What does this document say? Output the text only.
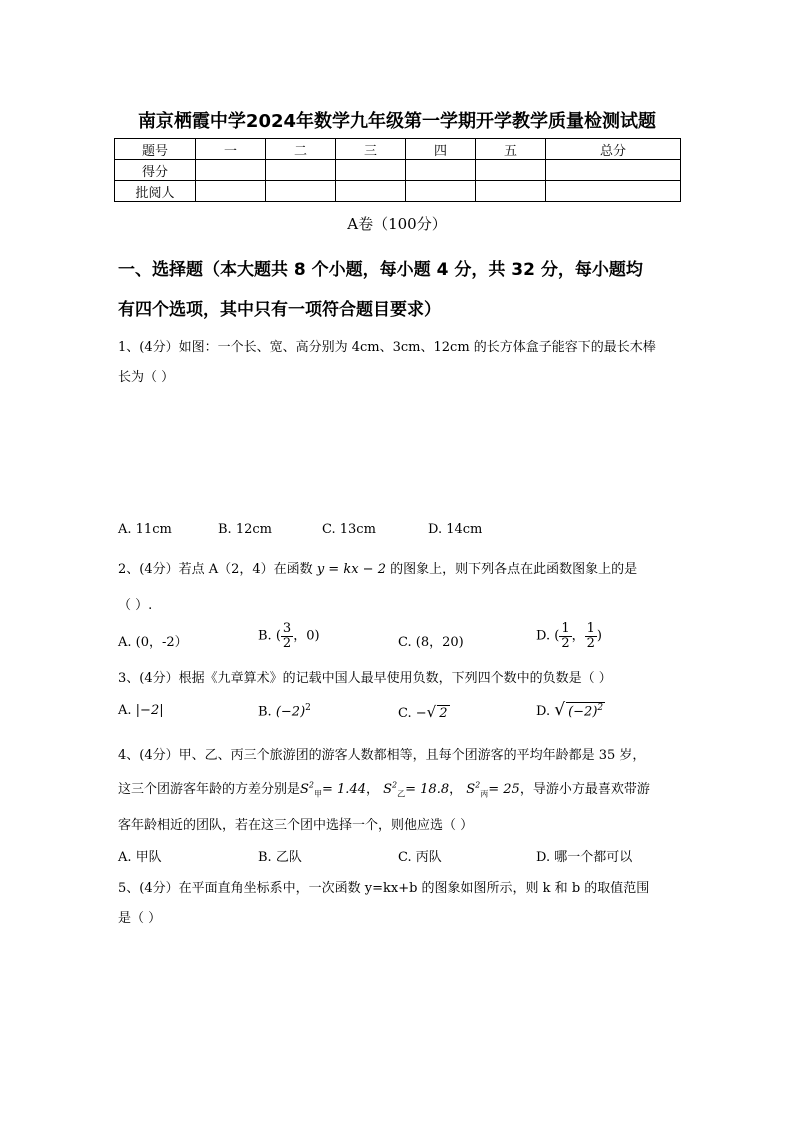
南京栖霞中学2024年数学九年级第一学期开学教学质量检测试题
题号	一	二	三	四	五	总分
得分						
批阅人						
A卷（100分）
一、选择题（本大题共 8 个小题，每小题 4 分，共 32 分，每小题均
有四个选项，其中只有一项符合题目要求）
1、(4分）如图：一个长、宽、高分别为 4cm、3cm、12cm 的长方体盒子能容下的最长木棒
长为（ ）
A. 11cm	B. 12cm	C. 13cm	D. 14cm
2、(4分）若点 A（2，4）在函数 y = kx − 2 的图象上，则下列各点在此函数图象上的是
（ ）.
A. (0，-2）	B. ( $\frac{3}{2}$ ，0)	C. (8，20)	D. ( $\frac{1}{2}$ ， $\frac{1}{2}$ )
3、(4分）根据《九章算术》的记载中国人最早使用负数，下列四个数中的负数是（ ）
A. |−2|	B. $(-2)^2$	C. −√ 2	D. √ $(-2)^2$
4、(4分）甲、乙、丙三个旅游团的游客人数都相等，且每个团游客的平均年龄都是 35 岁，
这三个团游客年龄的方差分别是$S^2_甲= 1.44$， $S^2_乙= 18.8$， $S^2_丙= 25$，导游小方最喜欢带游
客年龄相近的团队，若在这三个团中选择一个，则他应选（ ）
A. 甲队	B. 乙队	C. 丙队	D. 哪一个都可以
5、(4分）在平面直角坐标系中，一次函数 y=kx+b 的图象如图所示，则 k 和 b 的取值范围
是（ ）
